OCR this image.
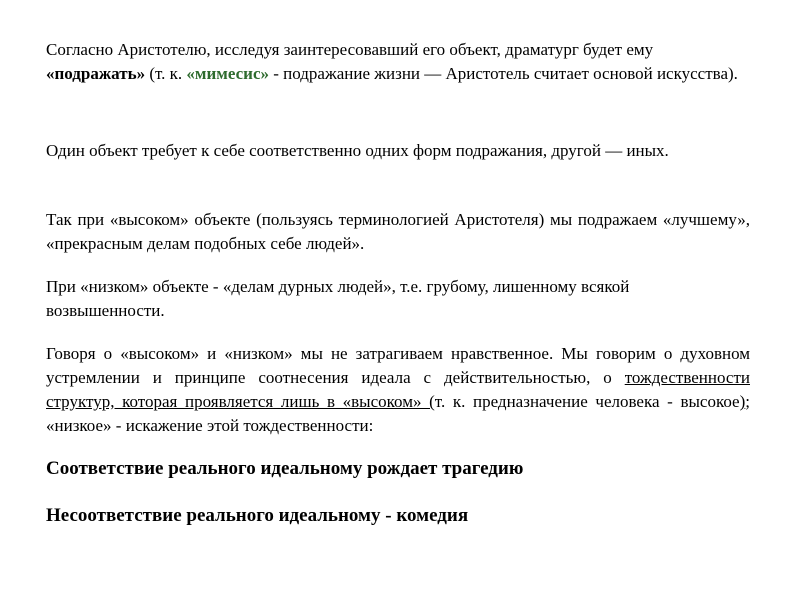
Согласно Аристотелю, исследуя заинтересовавший его объект, драматург будет ему «подражать» (т. к. «мимесис» - подражание жизни — Аристотель считает основой искусства).

Один объект требует к себе соответственно одних форм подражания, другой — иных.

Так при «высоком» объекте (пользуясь терминологией Аристотеля) мы подражаем «лучшему», «прекрасным делам подобных себе людей».

При «низком» объекте - «делам дурных людей», т.е. грубому, лишенному всякой возвышенности.

Говоря о «высоком» и «низком» мы не затрагиваем нравственное. Мы говорим о духовном устремлении и принципе соотнесения идеала с действительностью, о тождественности структур, которая проявляется лишь в «высоком» (т. к. предназначение человека - высокое); «низкое» - искажение этой тождественности:

Соответствие реального идеальному рождает трагедию

Несоответствие реального идеальному - комедия
